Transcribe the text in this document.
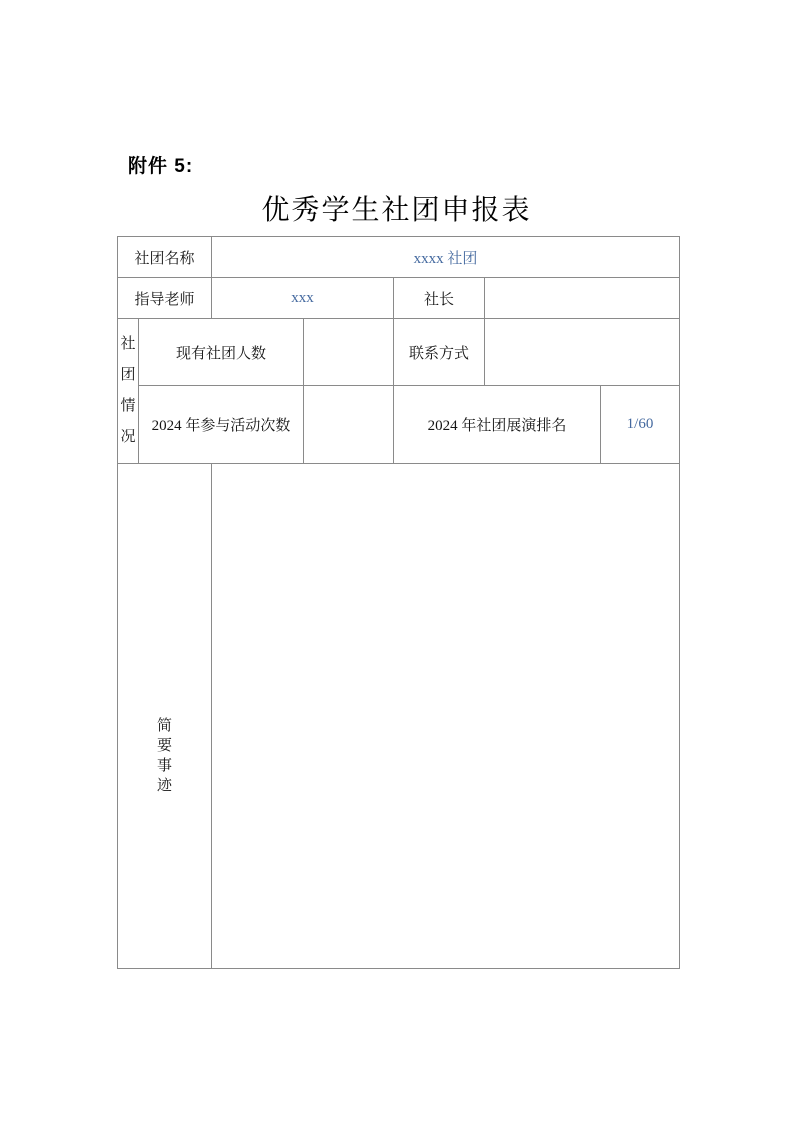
附件 5:
优秀学生社团申报表
社团名称		xxxx 社团				
指导老师		xxx		社长		

社团情况	现有社团人数			联系方式		
	2024 年参与活动次数			2024 年社团展演排名		1/60

简要事迹						
